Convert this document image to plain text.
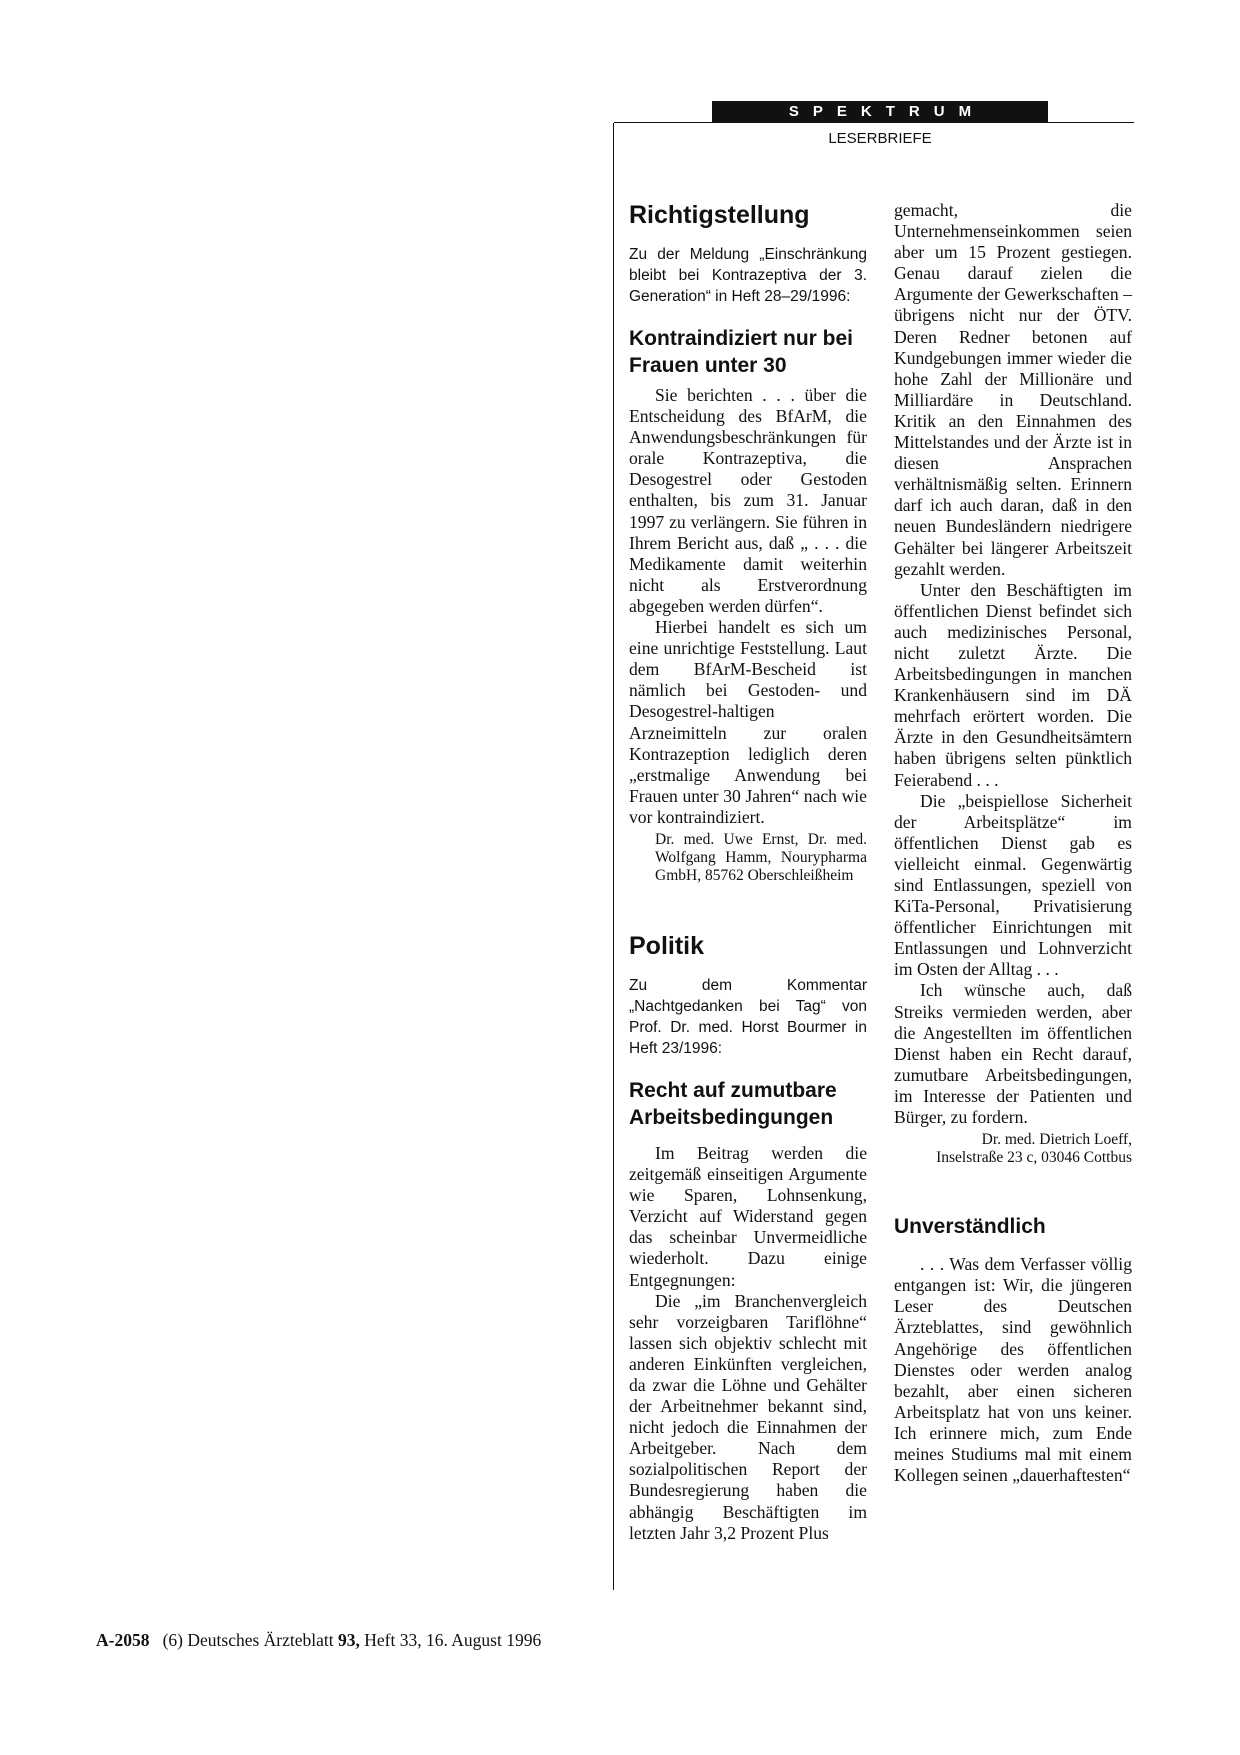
SPEKTRUM
LESERBRIEFE
Richtigstellung
Zu der Meldung „Einschränkung bleibt bei Kontrazeptiva der 3. Generation“ in Heft 28–29/1996:
Kontraindiziert nur bei Frauen unter 30

Sie berichten . . . über die Entscheidung des BfArM, die Anwendungsbeschränkungen für orale Kontrazeptiva, die Desogestrel oder Gestoden enthalten, bis zum 31. Januar 1997 zu verlängern. Sie führen in Ihrem Bericht aus, daß „ . . . die Medikamente damit weiterhin nicht als Erstverordnung abgegeben werden dürfen“.

Hierbei handelt es sich um eine unrichtige Feststellung. Laut dem BfArM-Bescheid ist nämlich bei Gestoden- und Desogestrel-haltigen Arzneimitteln zur oralen Kontrazeption lediglich deren „erstmalige Anwendung bei Frauen unter 30 Jahren“ nach wie vor kontraindiziert.

Dr. med. Uwe Ernst, Dr. med. Wolfgang Hamm, Nourypharma GmbH, 85762 Oberschleißheim
Politik
Zu dem Kommentar „Nachtgedanken bei Tag“ von Prof. Dr. med. Horst Bourmer in Heft 23/1996:
Recht auf zumutbare Arbeitsbedingungen

Im Beitrag werden die zeitgemäß einseitigen Argumente wie Sparen, Lohnsenkung, Verzicht auf Widerstand gegen das scheinbar Unvermeidliche wiederholt. Dazu einige Entgegnungen:

Die „im Branchenvergleich sehr vorzeigbaren Tariflöhne“ lassen sich objektiv schlecht mit anderen Einkünften vergleichen, da zwar die Löhne und Gehälter der Arbeitnehmer bekannt sind, nicht jedoch die Einnahmen der Arbeitgeber. Nach dem sozialpolitischen Report der Bundesregierung haben die abhängig Beschäftigten im letzten Jahr 3,2 Prozent Plus

gemacht, die Unternehmenseinkommen seien aber um 15 Prozent gestiegen. Genau darauf zielen die Argumente der Gewerkschaften – übrigens nicht nur der ÖTV. Deren Redner betonen auf Kundgebungen immer wieder die hohe Zahl der Millionäre und Milliardäre in Deutschland. Kritik an den Einnahmen des Mittelstandes und der Ärzte ist in diesen Ansprachen verhältnismäßig selten. Erinnern darf ich auch daran, daß in den neuen Bundesländern niedrigere Gehälter bei längerer Arbeitszeit gezahlt werden.

Unter den Beschäftigten im öffentlichen Dienst befindet sich auch medizinisches Personal, nicht zuletzt Ärzte. Die Arbeitsbedingungen in manchen Krankenhäusern sind im DÄ mehrfach erörtert worden. Die Ärzte in den Gesundheitsämtern haben übrigens selten pünktlich Feierabend . . .

Die „beispiellose Sicherheit der Arbeitsplätze“ im öffentlichen Dienst gab es vielleicht einmal. Gegenwärtig sind Entlassungen, speziell von KiTa-Personal, Privatisierung öffentlicher Einrichtungen mit Entlassungen und Lohnverzicht im Osten der Alltag . . .

Ich wünsche auch, daß Streiks vermieden werden, aber die Angestellten im öffentlichen Dienst haben ein Recht darauf, zumutbare Arbeitsbedingungen, im Interesse der Patienten und Bürger, zu fordern.

Dr. med. Dietrich Loeff, Inselstraße 23 c, 03046 Cottbus
Unverständlich

. . . Was dem Verfasser völlig entgangen ist: Wir, die jüngeren Leser des Deutschen Ärzteblattes, sind gewöhnlich Angehörige des öffentlichen Dienstes oder werden analog bezahlt, aber einen sicheren Arbeitsplatz hat von uns keiner. Ich erinnere mich, zum Ende meines Studiums mal mit einem Kollegen seinen „dauerhaftesten“

A-2058 (6) Deutsches Ärzteblatt 93, Heft 33, 16. August 1996
